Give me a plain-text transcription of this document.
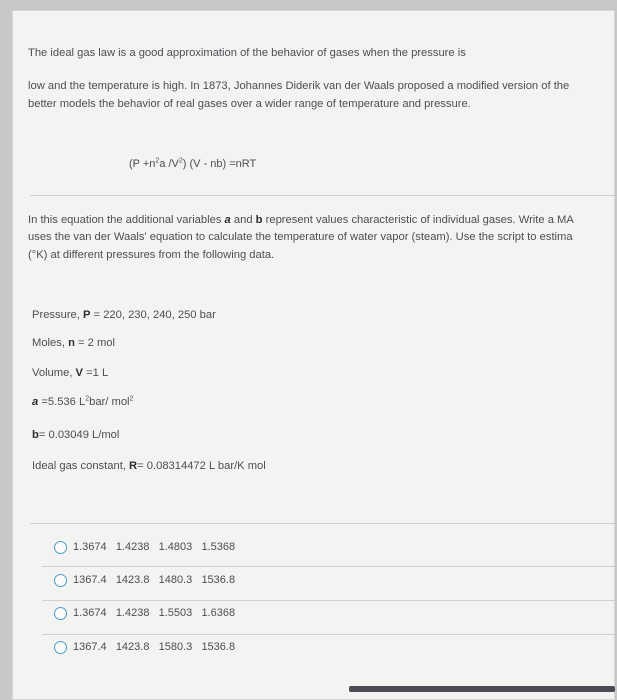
The ideal gas law is a good approximation of the behavior of gases when the pressure is
low and the temperature is high. In 1873, Johannes Diderik van der Waals proposed a modified version of the
better models the behavior of real gases over a wider range of temperature and pressure.
($P +n^2a$ $/V^2$) (V - nb) =nRT
In this equation the additional variables a and b represent values characteristic of individual gases. Write a MA
uses the van der Waals' equation to calculate the temperature of water vapor (steam). Use the script to estima
(°K) at different pressures from the following data.
Pressure, P = 220, 230, 240, 250 bar
Moles, n = 2 mol
Volume, V =1 L
a =5.536 $L^2bar/$ mol$^2$
b= 0.03049 L/mol
Ideal gas constant, R= 0.08314472 L bar/K mol
1.3674   1.4238   1.4803   1.5368
1367.4   1423.8   1480.3   1536.8
1.3674   1.4238   1.5503   1.6368
1367.4   1423.8   1580.3   1536.8
